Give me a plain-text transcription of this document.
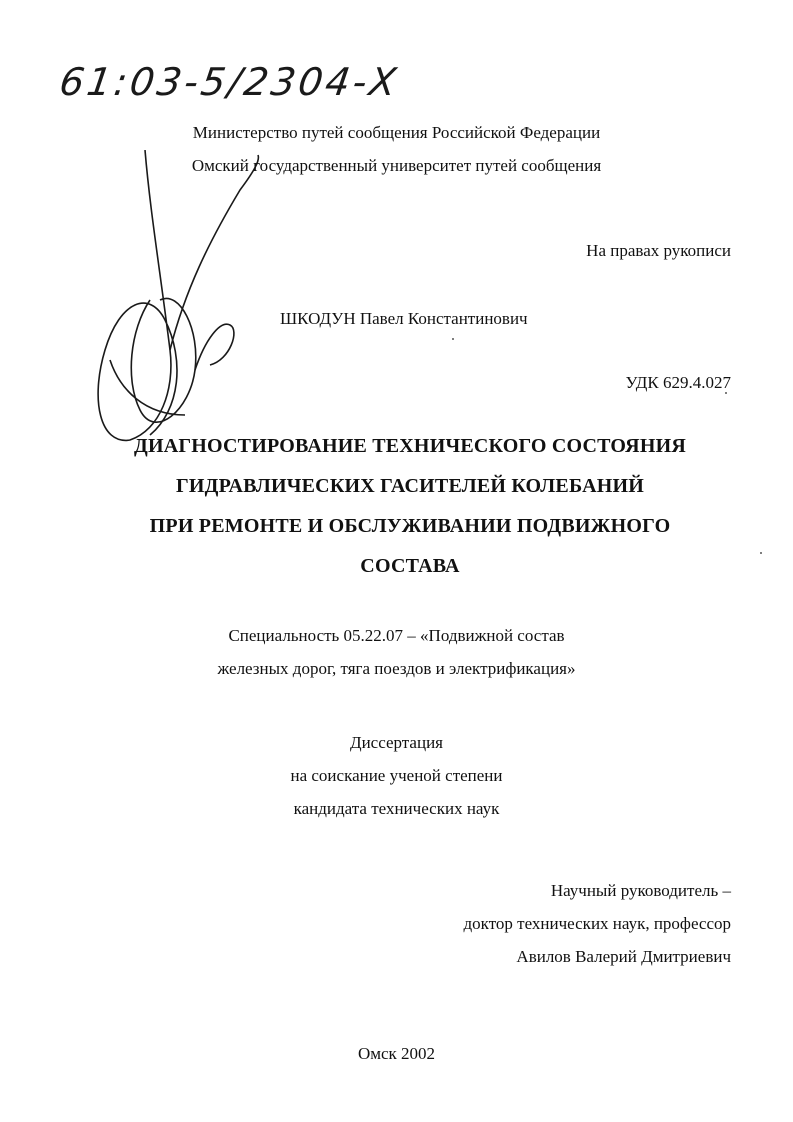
61:03-5/2304-Х
Министерство путей сообщения Российской Федерации
Омский государственный университет путей сообщения
На правах рукописи
ШКОДУН Павел Константинович
УДК 629.4.027
ДИАГНОСТИРОВАНИЕ ТЕХНИЧЕСКОГО СОСТОЯНИЯ
ГИДРАВЛИЧЕСКИХ ГАСИТЕЛЕЙ КОЛЕБАНИЙ
ПРИ РЕМОНТЕ И ОБСЛУЖИВАНИИ ПОДВИЖНОГО
СОСТАВА
Специальность 05.22.07 – «Подвижной состав
железных дорог, тяга поездов и электрификация»
Диссертация
на соискание ученой степени
кандидата технических наук
Научный руководитель –
доктор технических наук, профессор
Авилов Валерий Дмитриевич
Омск 2002
